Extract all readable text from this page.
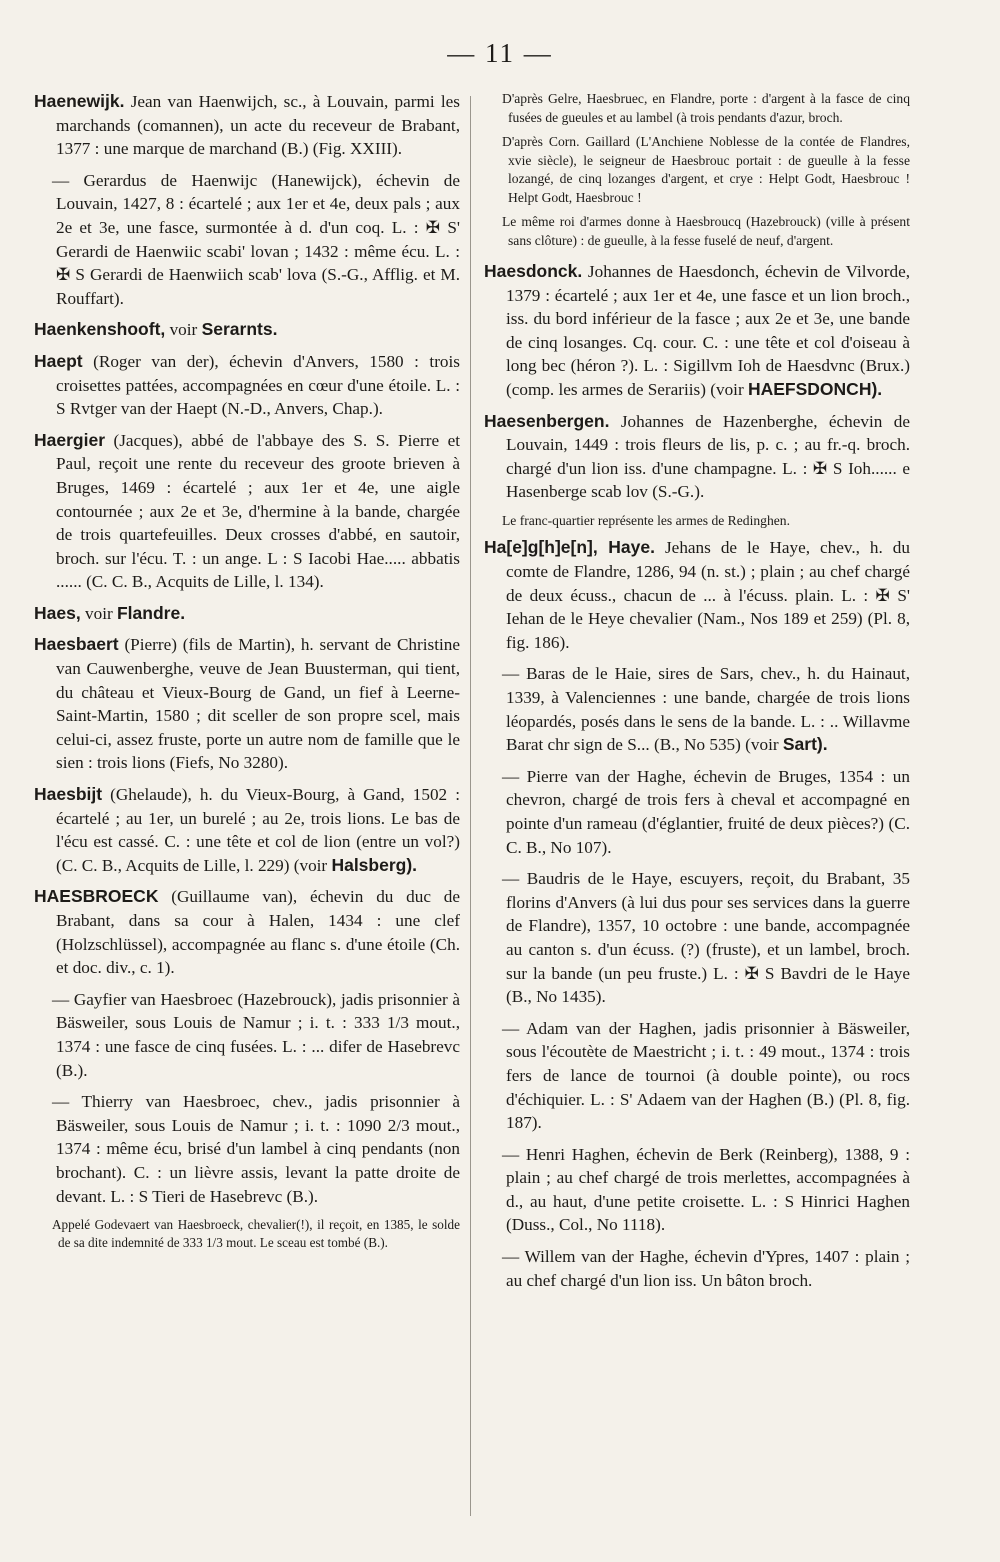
— 11 —

Haenewijk. Jean van Haenwijch, sc., à Louvain, parmi les marchands (comannen), un acte du receveur de Brabant, 1377 : une marque de marchand (B.) (Fig. XXIII).

— Gerardus de Haenwijc (Hanewijck), échevin de Louvain, 1427, 8 : écartelé ; aux 1er et 4e, deux pals ; aux 2e et 3e, une fasce, surmontée à d. d'un coq. L. : ✠ S' Gerardi de Haenwiic scabi' lovan ; 1432 : même écu. L. : ✠ S Gerardi de Haenwiich scab' lova (S.-G., Afflig. et M. Rouffart).

Haenkenshooft, voir Serarnts.

Haept (Roger van der), échevin d'Anvers, 1580 : trois croisettes pattées, accompagnées en cœur d'une étoile. L. : S Rvtger van der Haept (N.-D., Anvers, Chap.).

Haergier (Jacques), abbé de l'abbaye des S. S. Pierre et Paul, reçoit une rente du receveur des groote brieven à Bruges, 1469 : écartelé ; aux 1er et 4e, une aigle contournée ; aux 2e et 3e, d'hermine à la bande, chargée de trois quartefeuilles. Deux crosses d'abbé, en sautoir, broch. sur l'écu. T. : un ange. L : S Iacobi Hae..... abbatis ...... (C. C. B., Acquits de Lille, l. 134).

Haes, voir Flandre.

Haesbaert (Pierre) (fils de Martin), h. servant de Christine van Cauwenberghe, veuve de Jean Buusterman, qui tient, du château et Vieux-Bourg de Gand, un fief à Leerne-Saint-Martin, 1580 ; dit sceller de son propre scel, mais celui-ci, assez fruste, porte un autre nom de famille que le sien : trois lions (Fiefs, No 3280).

Haesbijt (Ghelaude), h. du Vieux-Bourg, à Gand, 1502 : écartelé ; au 1er, un burelé ; au 2e, trois lions. Le bas de l'écu est cassé. C. : une tête et col de lion (entre un vol?) (C. C. B., Acquits de Lille, l. 229) (voir Halsberg).

HAESBROECK (Guillaume van), échevin du duc de Brabant, dans sa cour à Halen, 1434 : une clef (Holzschlüssel), accompagnée au flanc s. d'une étoile (Ch. et doc. div., c. 1).

— Gayfier van Haesbroec (Hazebrouck), jadis prisonnier à Bäsweiler, sous Louis de Namur ; i. t. : 333 1/3 mout., 1374 : une fasce de cinq fusées. L. : ... difer de Hasebrevc (B.).

— Thierry van Haesbroec, chev., jadis prisonnier à Bäsweiler, sous Louis de Namur ; i. t. : 1090 2/3 mout., 1374 : même écu, brisé d'un lambel à cinq pendants (non brochant). C. : un lièvre assis, levant la patte droite de devant. L. : S Tieri de Hasebrevc (B.).

Appelé Godevaert van Haesbroeck, chevalier(!), il reçoit, en 1385, le solde de sa dite indemnité de 333 1/3 mout. Le sceau est tombé (B.).

D'après Gelre, Haesbruec, en Flandre, porte : d'argent à la fasce de cinq fusées de gueules et au lambel (à trois pendants d'azur, broch.

D'après Corn. Gaillard (L'Anchiene Noblesse de la contée de Flandres, xvie siècle), le seigneur de Haesbrouc portait : de gueulle à la fesse lozangé, de cinq lozanges d'argent, et crye : Helpt Godt, Haesbrouc ! Helpt Godt, Haesbrouc !

Le même roi d'armes donne à Haesbroucq (Hazebrouck) (ville à présent sans clôture) : de gueulle, à la fesse fuselé de neuf, d'argent.

Haesdonck. Johannes de Haesdonch, échevin de Vilvorde, 1379 : écartelé ; aux 1er et 4e, une fasce et un lion broch., iss. du bord inférieur de la fasce ; aux 2e et 3e, une bande de cinq losanges. Cq. cour. C. : une tête et col d'oiseau à long bec (héron ?). L. : Sigillvm Ioh de Haesdvnc (Brux.) (comp. les armes de Serariis) (voir HAEFSDONCH).

Haesenbergen. Johannes de Hazenberghe, échevin de Louvain, 1449 : trois fleurs de lis, p. c. ; au fr.-q. broch. chargé d'un lion iss. d'une champagne. L. : ✠ S Ioh...... e Hasenberge scab lov (S.-G.).

Le franc-quartier représente les armes de Redinghen.

Ha[e]g[h]e[n], Haye. Jehans de le Haye, chev., h. du comte de Flandre, 1286, 94 (n. st.) ; plain ; au chef chargé de deux écuss., chacun de ... à l'écuss. plain. L. : ✠ S' Iehan de le Heye chevalier (Nam., Nos 189 et 259) (Pl. 8, fig. 186).

— Baras de le Haie, sires de Sars, chev., h. du Hainaut, 1339, à Valenciennes : une bande, chargée de trois lions léopardés, posés dans le sens de la bande. L. : .. Willavme Barat chr sign de S... (B., No 535) (voir Sart).

— Pierre van der Haghe, échevin de Bruges, 1354 : un chevron, chargé de trois fers à cheval et accompagné en pointe d'un rameau (d'églantier, fruité de deux pièces?) (C. C. B., No 107).

— Baudris de le Haye, escuyers, reçoit, du Brabant, 35 florins d'Anvers (à lui dus pour ses services dans la guerre de Flandre), 1357, 10 octobre : une bande, accompagnée au canton s. d'un écuss. (?) (fruste), et un lambel, broch. sur la bande (un peu fruste.) L. : ✠ S Bavdri de le Haye (B., No 1435).

— Adam van der Haghen, jadis prisonnier à Bäsweiler, sous l'écoutète de Maestricht ; i. t. : 49 mout., 1374 : trois fers de lance de tournoi (à double pointe), ou rocs d'échiquier. L. : S' Adaem van der Haghen (B.) (Pl. 8, fig. 187).

— Henri Haghen, échevin de Berk (Reinberg), 1388, 9 : plain ; au chef chargé de trois merlettes, accompagnées à d., au haut, d'une petite croisette. L. : S Hinrici Haghen (Duss., Col., No 1118).

— Willem van der Haghe, échevin d'Ypres, 1407 : plain ; au chef chargé d'un lion iss. Un bâton broch.
